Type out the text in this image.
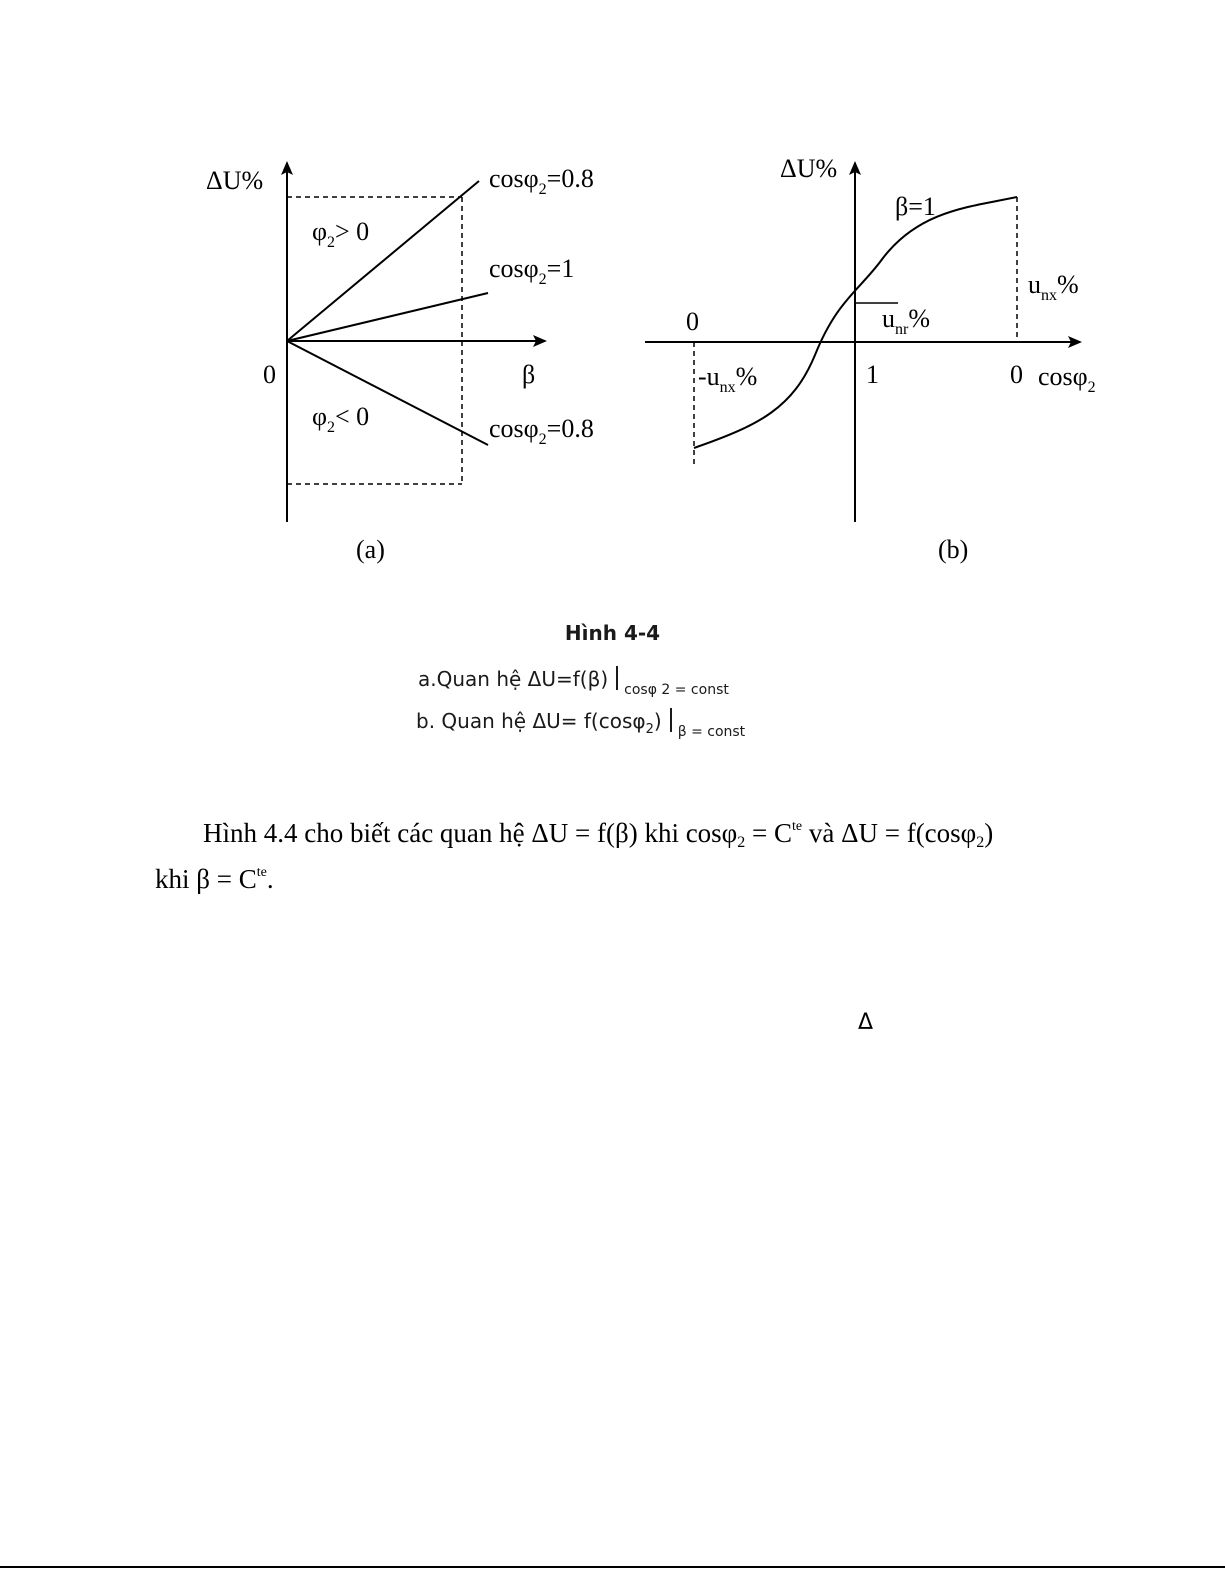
ΔU%
β
0
$\varphi_2> 0$
$\varphi_2< 0$
cosφ$_2$=0.8
cosφ$_2$=1
cosφ$_2$=0.8
(a)
ΔU%
β=1
0
1	0 cosφ$_2$
$u_{nx}\%$
$u_{nr}\%$
$-u_{nx}\%$
(b)
Hình 4-4
a.Quan hệ ΔU=f(β) $_{cos\varphi 2 = const}$
b. Quan hệ ΔU= f(cosφ$_2$) $_{\beta = const}$
Hình 4.4 cho biết các quan hệ ΔU = f(β) khi $\cos\varphi_2 = C^{te}$ và ΔU = f(cosφ$_2$)
khi $\beta = C^{te}$.
Δ
